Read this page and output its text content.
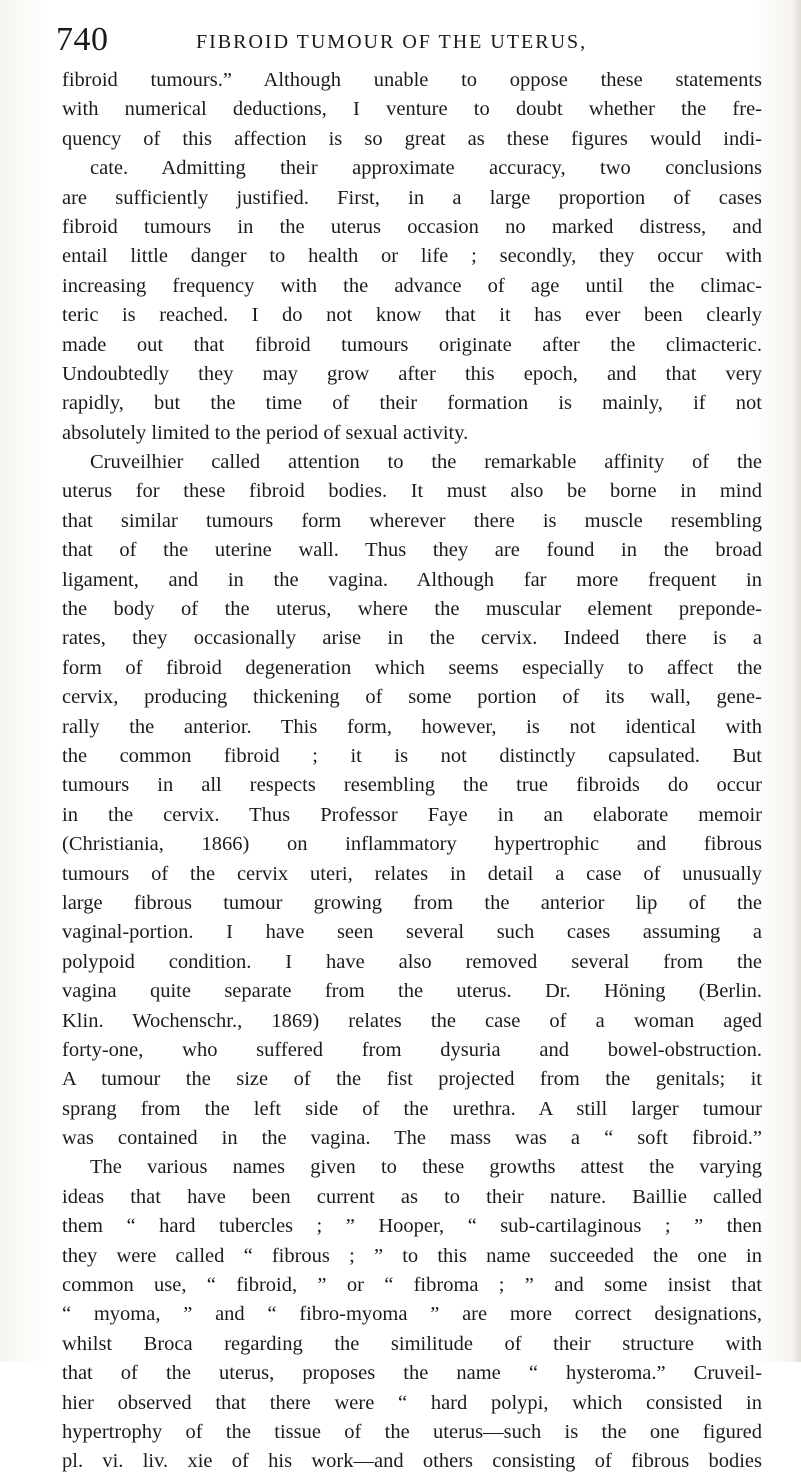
740	FIBROID TUMOUR OF THE UTERUS,
fibroid tumours.” Although unable to oppose these statements
with numerical deductions, I venture to doubt whether the fre-
quency of this affection is so great as these figures would indi-
cate. Admitting their approximate accuracy, two conclusions
are sufficiently justified. First, in a large proportion of cases
fibroid tumours in the uterus occasion no marked distress, and
entail little danger to health or life ; secondly, they occur with
increasing frequency with the advance of age until the climac-
teric is reached. I do not know that it has ever been clearly
made out that fibroid tumours originate after the climacteric.
Undoubtedly they may grow after this epoch, and that very
rapidly, but the time of their formation is mainly, if not
absolutely limited to the period of sexual activity.
Cruveilhier called attention to the remarkable affinity of the
uterus for these fibroid bodies. It must also be borne in mind
that similar tumours form wherever there is muscle resembling
that of the uterine wall. Thus they are found in the broad
ligament, and in the vagina. Although far more frequent in
the body of the uterus, where the muscular element preponde-
rates, they occasionally arise in the cervix. Indeed there is a
form of fibroid degeneration which seems especially to affect the
cervix, producing thickening of some portion of its wall, gene-
rally the anterior. This form, however, is not identical with
the common fibroid ; it is not distinctly capsulated. But
tumours in all respects resembling the true fibroids do occur
in the cervix. Thus Professor Faye in an elaborate memoir
(Christiania, 1866) on inflammatory hypertrophic and fibrous
tumours of the cervix uteri, relates in detail a case of unusually
large fibrous tumour growing from the anterior lip of the
vaginal-portion. I have seen several such cases assuming a
polypoid condition. I have also removed several from the
vagina quite separate from the uterus. Dr. Höning (Berlin.
Klin. Wochenschr., 1869) relates the case of a woman aged
forty-one, who suffered from dysuria and bowel-obstruction.
A tumour the size of the fist projected from the genitals; it
sprang from the left side of the urethra. A still larger tumour
was contained in the vagina. The mass was a “ soft fibroid.”
The various names given to these growths attest the varying
ideas that have been current as to their nature. Baillie called
them “ hard tubercles ; ” Hooper, “ sub-cartilaginous ; ” then
they were called “ fibrous ; ” to this name succeeded the one in
common use, “ fibroid, ” or “ fibroma ; ” and some insist that
“ myoma, ” and “ fibro-myoma ” are more correct designations,
whilst Broca regarding the similitude of their structure with
that of the uterus, proposes the name “ hysteroma.” Cruveil-
hier observed that there were “ hard polypi, which consisted in
hypertrophy of the tissue of the uterus—such is the one figured
pl. vi. liv. xie of his work—and others consisting of fibrous bodies
